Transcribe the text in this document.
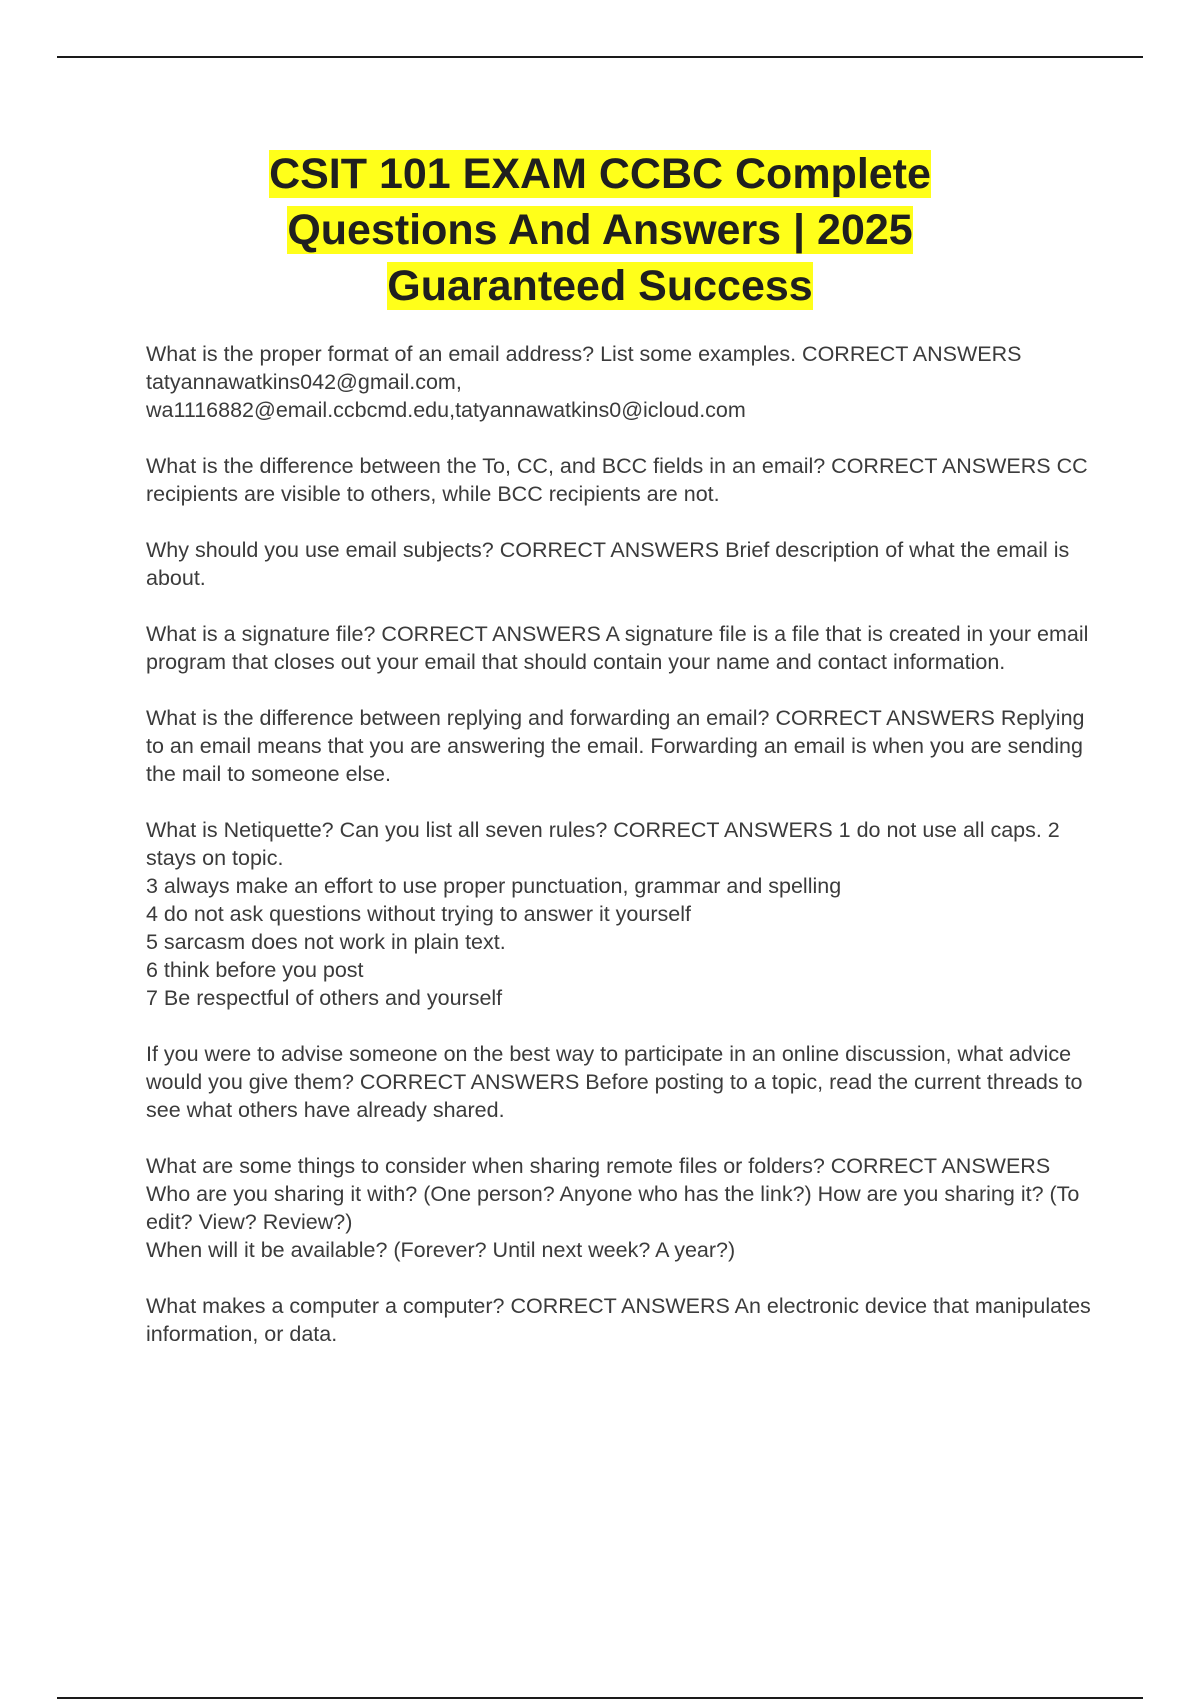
CSIT 101 EXAM CCBC Complete Questions And Answers | 2025 Guaranteed Success

What is the proper format of an email address? List some examples. CORRECT ANSWERS tatyannawatkins042@gmail.com,
wa1116882@email.ccbcmd.edu,tatyannawatkins0@icloud.com

What is the difference between the To, CC, and BCC fields in an email? CORRECT ANSWERS CC recipients are visible to others, while BCC recipients are not.

Why should you use email subjects? CORRECT ANSWERS Brief description of what the email is about.

What is a signature file? CORRECT ANSWERS A signature file is a file that is created in your email program that closes out your email that should contain your name and contact information.

What is the difference between replying and forwarding an email? CORRECT ANSWERS Replying to an email means that you are answering the email. Forwarding an email is when you are sending the mail to someone else.

What is Netiquette? Can you list all seven rules? CORRECT ANSWERS 1 do not use all caps. 2 stays on topic.
3 always make an effort to use proper punctuation, grammar and spelling
4 do not ask questions without trying to answer it yourself
5 sarcasm does not work in plain text.
6 think before you post
7 Be respectful of others and yourself

If you were to advise someone on the best way to participate in an online discussion, what advice would you give them? CORRECT ANSWERS Before posting to a topic, read the current threads to see what others have already shared.

What are some things to consider when sharing remote files or folders? CORRECT ANSWERS Who are you sharing it with? (One person? Anyone who has the link?) How are you sharing it? (To edit? View? Review?)
When will it be available? (Forever? Until next week? A year?)

What makes a computer a computer? CORRECT ANSWERS An electronic device that manipulates information, or data.
